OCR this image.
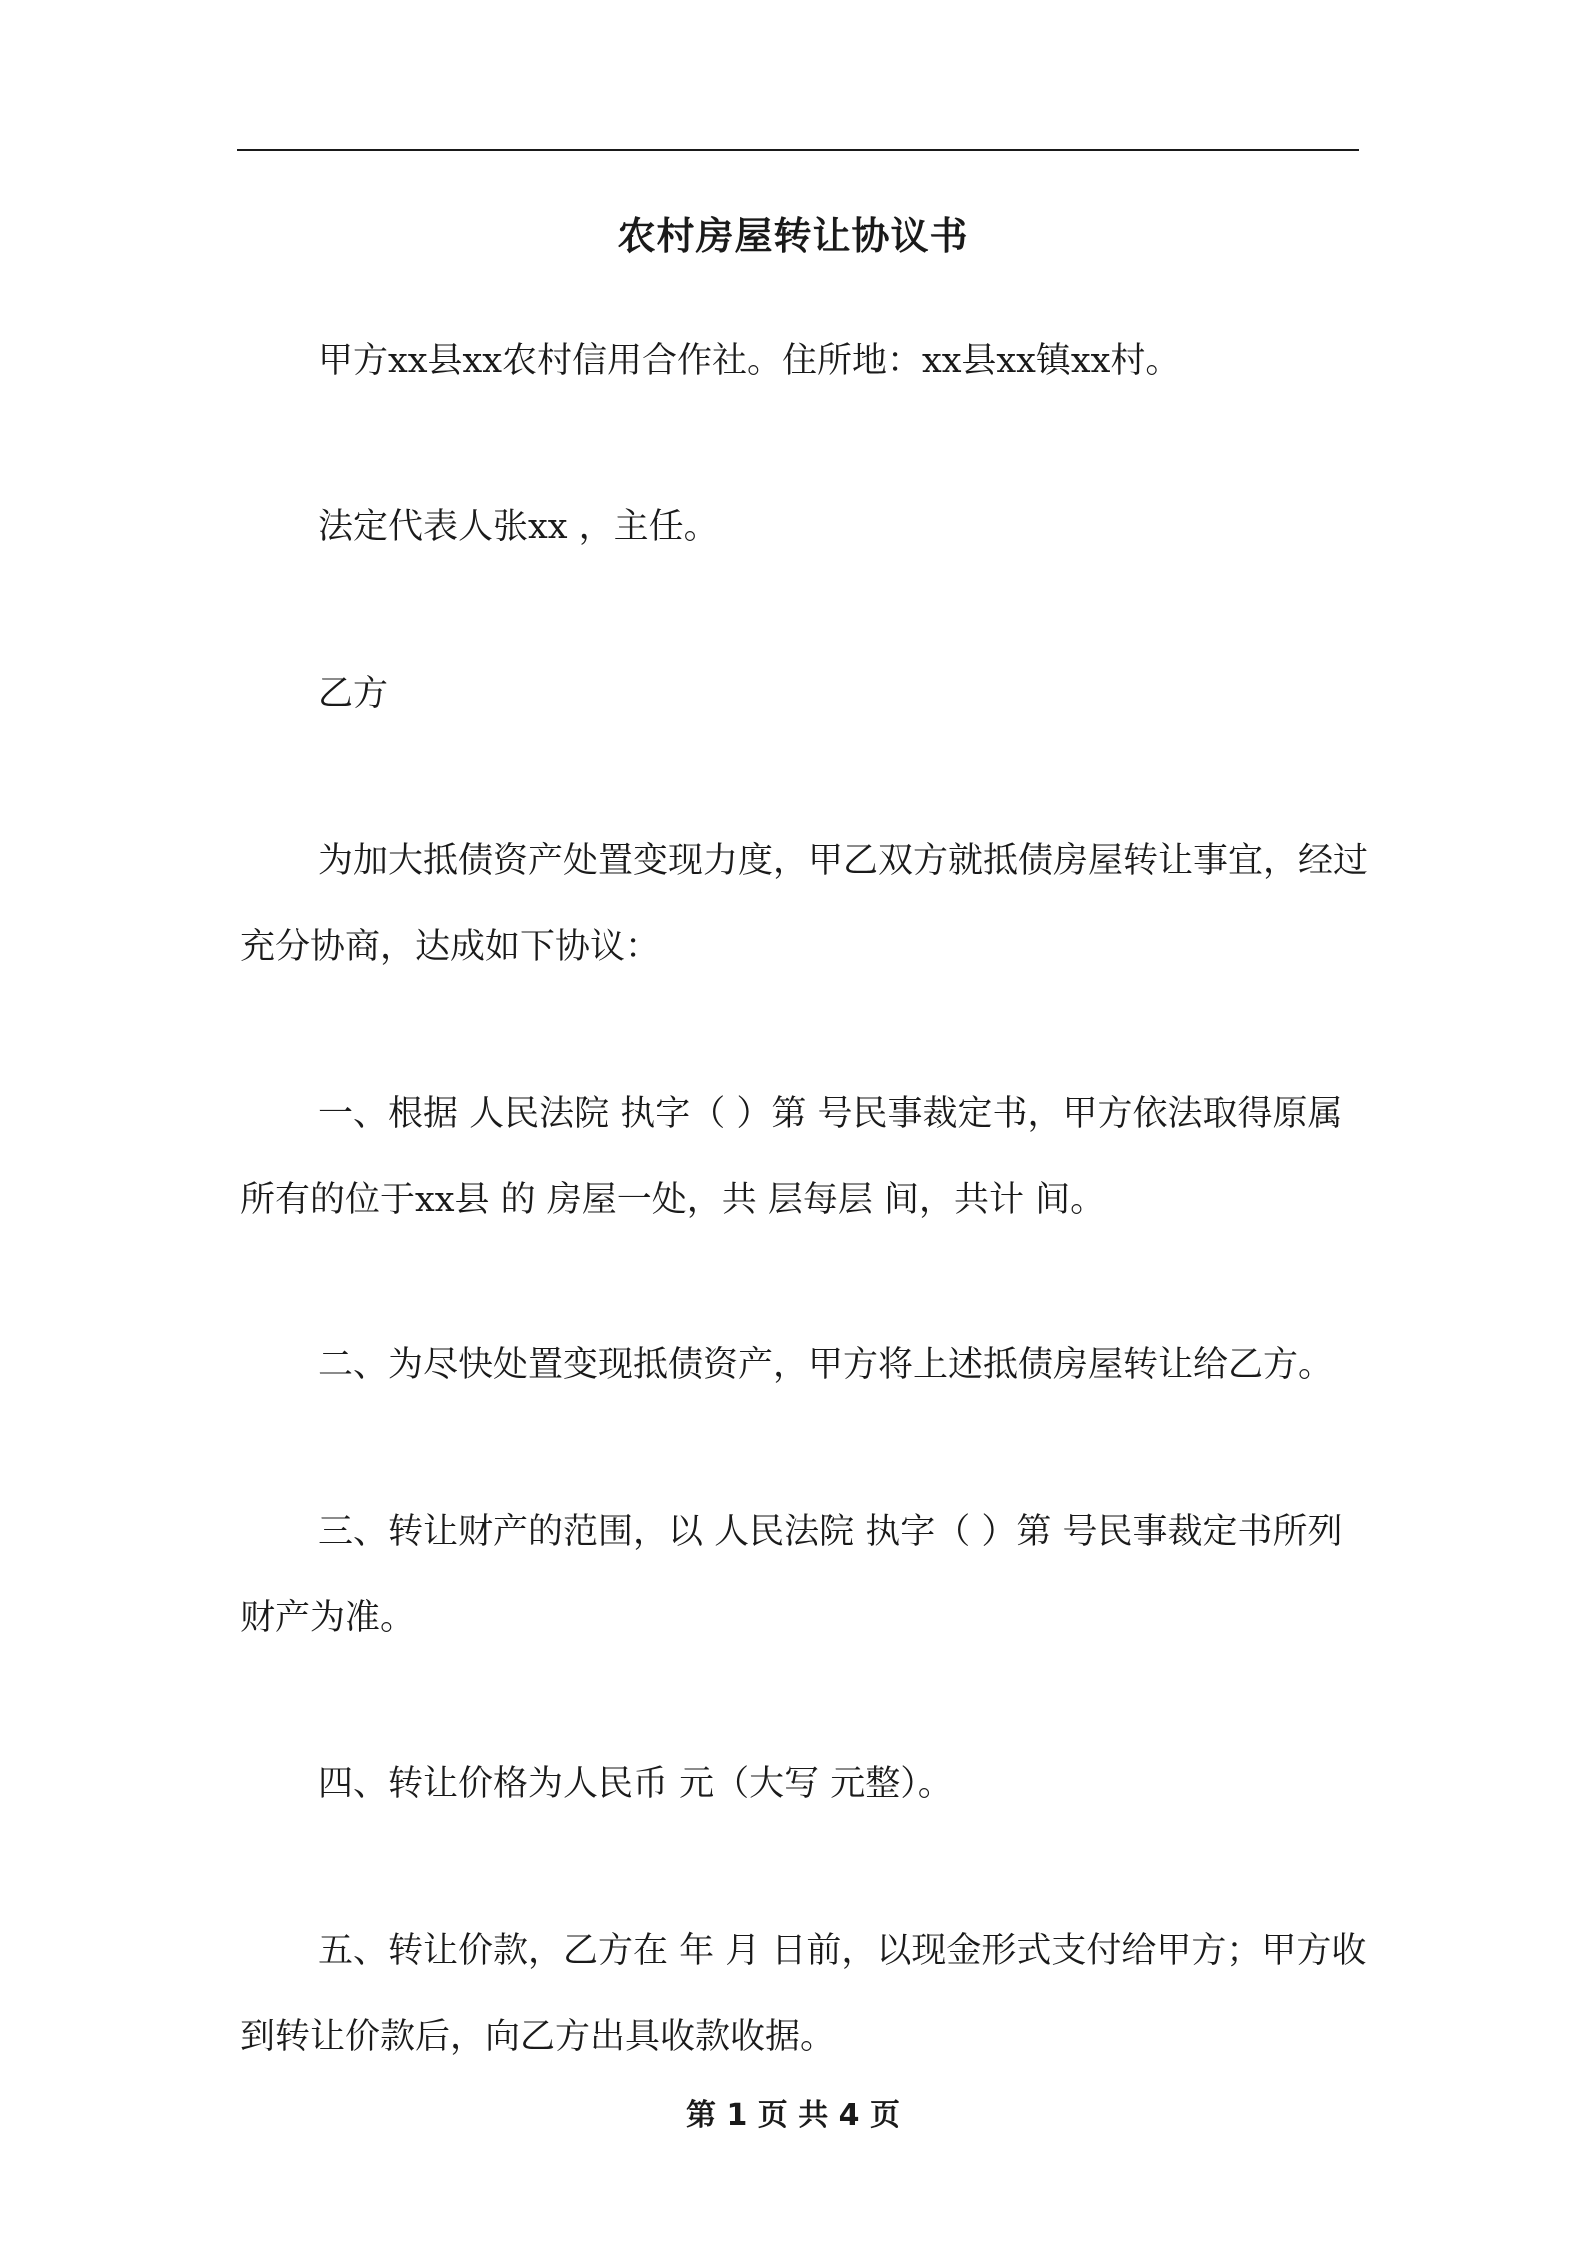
农村房屋转让协议书

甲方xx县xx农村信用合作社。住所地：xx县xx镇xx村。

法定代表人张xx ，主任。

乙方

为加大抵债资产处置变现力度，甲乙双方就抵债房屋转让事宜，经过充分协商，达成如下协议：

一、根据 人民法院 执字（ ）第 号民事裁定书，甲方依法取得原属 所有的位于xx县 的 房屋一处，共 层每层 间，共计 间。

二、为尽快处置变现抵债资产，甲方将上述抵债房屋转让给乙方。

三、转让财产的范围，以 人民法院 执字（ ）第 号民事裁定书所列财产为准。

四、转让价格为人民币 元（大写 元整）。

五、转让价款，乙方在 年 月 日前，以现金形式支付给甲方；甲方收到转让价款后，向乙方出具收款收据。

第 1 页 共 4 页
